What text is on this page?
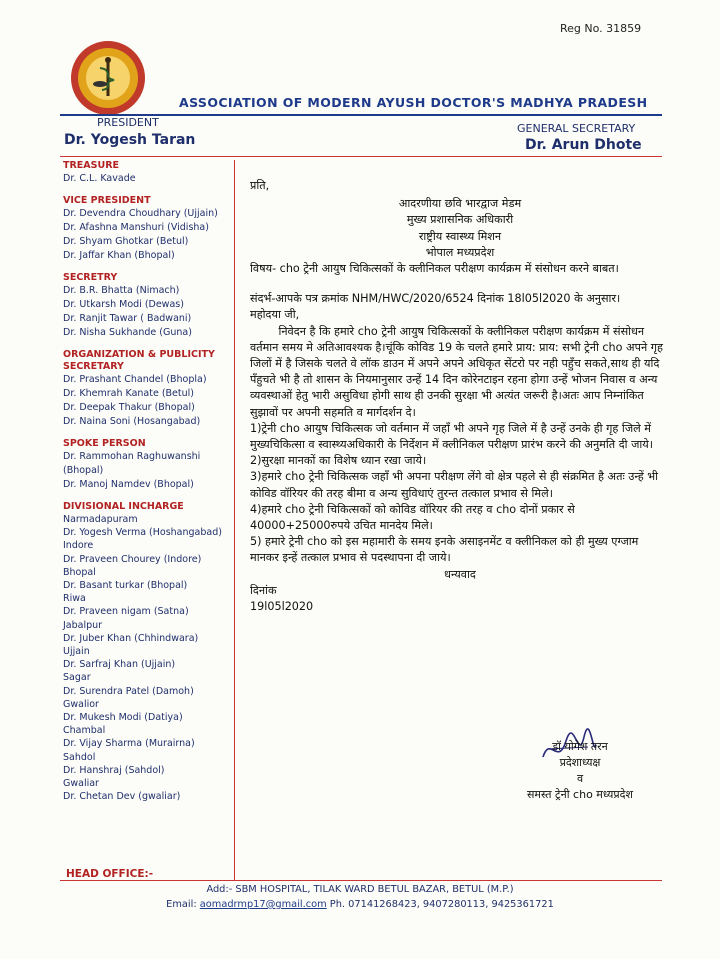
Reg No. 31859
ASSOCIATION OF MODERN AYUSH DOCTOR'S MADHYA PRADESH
PRESIDENT
Dr. Yogesh Taran
GENERAL SECRETARY
Dr. Arun Dhote
TREASURE
Dr. C.L. Kavade
VICE PRESIDENT
Dr. Devendra Choudhary (Ujjain)
Dr. Afashna Manshuri (Vidisha)
Dr. Shyam Ghotkar (Betul)
Dr. Jaffar Khan (Bhopal)
SECRETRY
Dr. B.R. Bhatta (Nimach)
Dr. Utkarsh Modi (Dewas)
Dr. Ranjit Tawar ( Badwani)
Dr. Nisha Sukhande (Guna)
ORGANIZATION & PUBLICITY SECRETARY
Dr. Prashant Chandel (Bhopla)
Dr. Khemrah Kanate (Betul)
Dr. Deepak Thakur (Bhopal)
Dr. Naina Soni (Hosangabad)
SPOKE PERSON
Dr. Rammohan Raghuwanshi
(Bhopal)
Dr. Manoj Namdev (Bhopal)
DIVISIONAL INCHARGE
Narmadapuram
Dr. Yogesh Verma (Hoshangabad)
Indore
Dr. Praveen Chourey (Indore)
Bhopal
Dr. Basant turkar (Bhopal)
Riwa
Dr. Praveen nigam (Satna)
Jabalpur
Dr. Juber Khan (Chhindwara)
Ujjain
Dr. Sarfraj Khan (Ujjain)
Sagar
Dr. Surendra Patel (Damoh)
Gwalior
Dr. Mukesh Modi (Datiya)
Chambal
Dr. Vijay Sharma (Murairna)
Sahdol
Dr. Hanshraj (Sahdol)
Gwaliar
Dr. Chetan Dev (gwaliar)

प्रति,

आदरणीया छवि भारद्वाज मेडम

मुख्य प्रशासनिक अधिकारी

राष्ट्रीय स्वास्थ्य मिशन

भोपाल मध्यप्रदेश

विषय- cho ट्रेनी आयुष चिकित्सकों के क्लीनिकल परीक्षण कार्यक्रम में संसोधन करने बाबत।

संदर्भ-आपके पत्र क्रमांक NHM/HWC/2020/6524 दिनांक 18l05l2020 के अनुसार।

महोदया जी,

निवेदन है कि हमारे cho ट्रेनी आयुष चिकित्सकों के क्लीनिकल परीक्षण कार्यक्रम में संसोधन वर्तमान समय मे अतिआवश्यक है।चूंकि कोविड 19 के चलते हमारे प्राय: प्राय: सभी ट्रेनी cho अपने गृह जिलों में है जिसके चलते वे लॉक डाउन में अपने अपने अधिकृत सेंटरो पर नही पहुँच सकते,साथ ही यदि पँहुचते भी है तो शासन के नियमानुसार उन्हें 14 दिन कोरेनटाइन रहना होगा उन्हें भोजन निवास व अन्य व्यवस्थाओं हेतु भारी असुविधा होगी साथ ही उनकी सुरक्षा भी अत्यंत जरूरी है।अतः आप निम्नांकित सुझावों पर अपनी सहमति व मार्गदर्शन दे।

1)ट्रेनी cho आयुष चिकित्सक जो वर्तमान में जहाँ भी अपने गृह जिले में है उन्हें उनके ही गृह जिले में मुख्यचिकित्सा व स्वास्थ्यअधिकारी के निर्देशन में क्लीनिकल परीक्षण प्रारंभ करने की अनुमति दी जाये।

2)सुरक्षा मानकों का विशेष ध्यान रखा जाये।

3)हमारे cho ट्रेनी चिकित्सक जहाँ भी अपना परीक्षण लेंगे वो क्षेत्र पहले से ही संक्रमित है अतः उन्हें भी कोविड वॉरियर की तरह बीमा व अन्य सुविधाएं तुरन्त तत्काल प्रभाव से मिले।

4)हमारे cho ट्रेनी चिकित्सकों को कोविड वॉरियर की तरह व cho दोनों प्रकार से 40000+25000रुपये उचित मानदेय मिले।

5) हमारे ट्रेनी cho को इस महामारी के समय इनके असाइनमेंट व क्लीनिकल को ही मुख्य एग्जाम मानकर इन्हें तत्काल प्रभाव से पदस्थापना दी जाये।

धन्यवाद

दिनांक

19l05l2020

डॉ योगेश तरन
प्रदेशाध्यक्ष
व
समस्त ट्रेनी cho मध्यप्रदेश
HEAD OFFICE:-
Add:- SBM HOSPITAL, TILAK WARD BETUL BAZAR, BETUL (M.P.)
Email: aomadrmp17@gmail.com Ph. 07141268423, 9407280113, 9425361721
